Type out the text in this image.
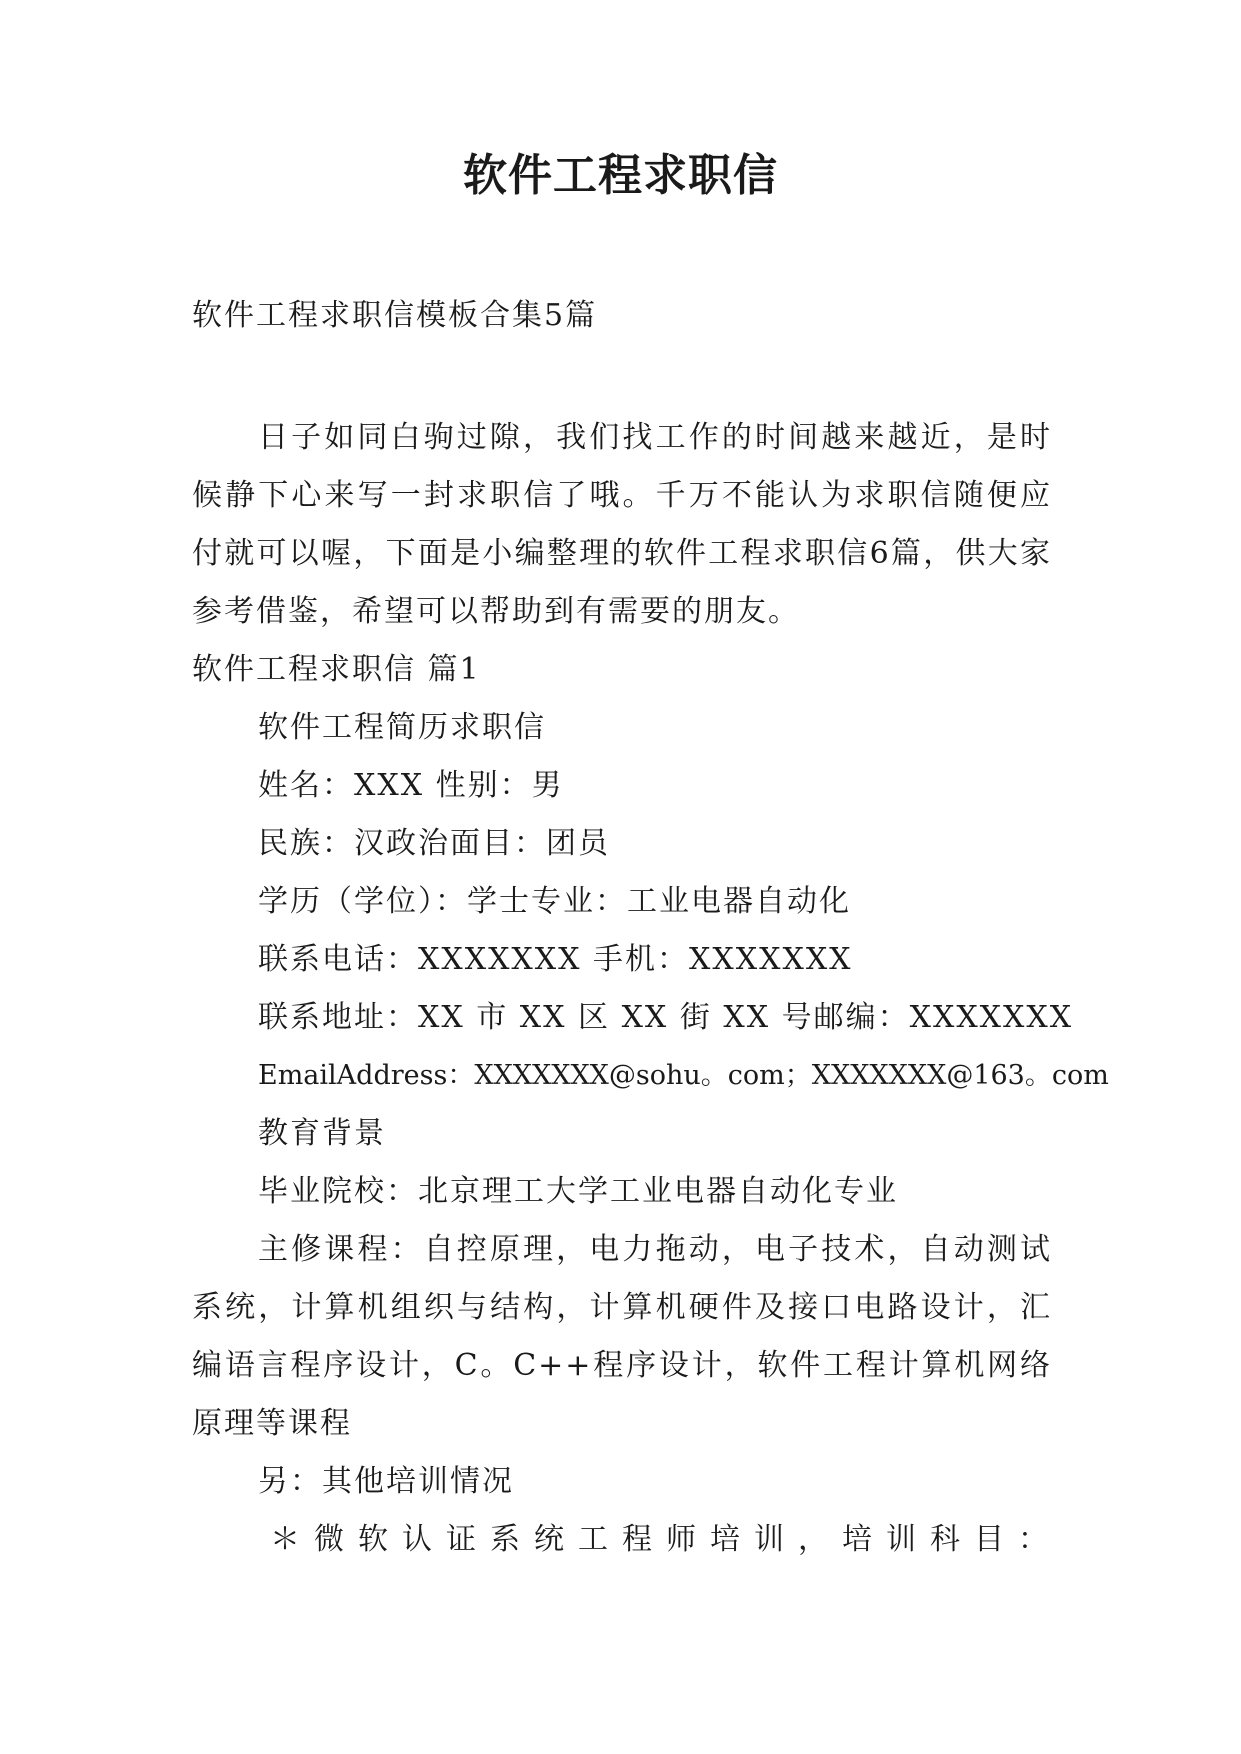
软件工程求职信
软件工程求职信模板合集5篇

日子如同白驹过隙，我们找工作的时间越来越近，是时候静下心来写一封求职信了哦。千万不能认为求职信随便应付就可以喔，下面是小编整理的软件工程求职信6篇，供大家参考借鉴，希望可以帮助到有需要的朋友。

软件工程求职信 篇1

软件工程简历求职信

姓名：XXX 性别：男

民族：汉政治面目：团员

学历（学位）：学士专业：工业电器自动化

联系电话：XXXXXXX 手机：XXXXXXX

联系地址：XX 市 XX 区 XX 街 XX 号邮编：XXXXXXX

EmailAddress：XXXXXXX@sohu。com；XXXXXXX@163。com

教育背景

毕业院校：北京理工大学工业电器自动化专业

主修课程：自控原理，电力拖动，电子技术，自动测试系统，计算机组织与结构，计算机硬件及接口电路设计，汇编语言程序设计，C。C++程序设计，软件工程计算机网络原理等课程

另：其他培训情况

＊微软认证系统工程师培训，培训科目：
